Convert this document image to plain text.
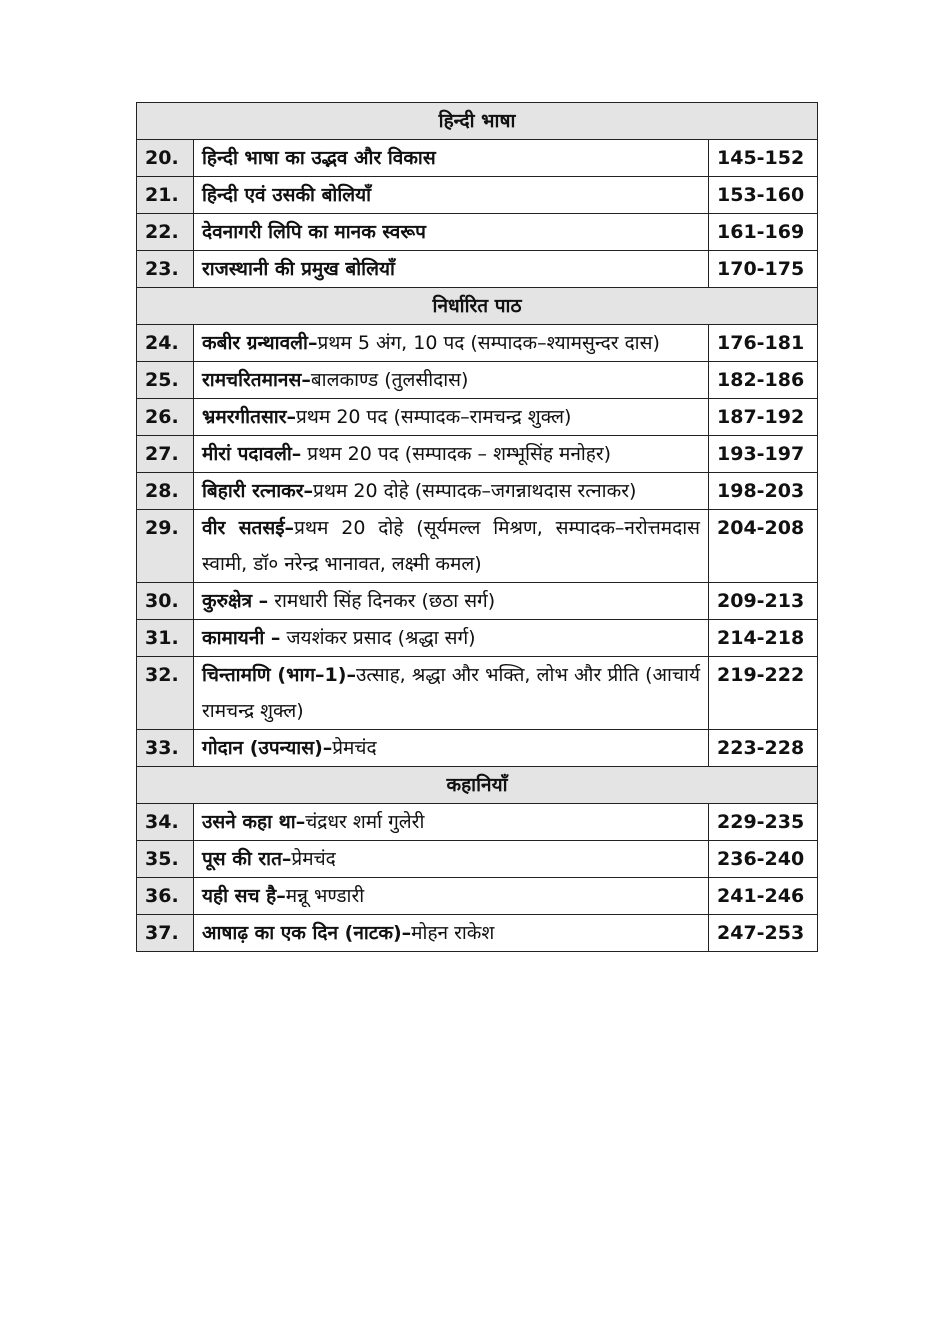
हिन्दी भाषा		
20.	हिन्दी भाषा का उद्भव और विकास	145-152
21.	हिन्दी एवं उसकी बोलियाँ	153-160
22.	देवनागरी लिपि का मानक स्वरूप	161-169
23.	राजस्थानी की प्रमुख बोलियाँ	170-175
निर्धारित पाठ		
24.	कबीर ग्रन्थावली–प्रथम 5 अंग, 10 पद (सम्पादक–श्यामसुन्दर दास)	176-181
25.	रामचरितमानस–बालकाण्ड (तुलसीदास)	182-186
26.	भ्रमरगीतसार–प्रथम 20 पद (सम्पादक–रामचन्द्र शुक्ल)	187-192
27.	मीरां पदावली– प्रथम 20 पद (सम्पादक – शम्भूसिंह मनोहर)	193-197
28.	बिहारी रत्नाकर–प्रथम 20 दोहे (सम्पादक–जगन्नाथदास रत्नाकर)	198-203
29.	वीर सतसई–प्रथम 20 दोहे (सूर्यमल्ल मिश्रण, सम्पादक–नरोत्तमदास स्वामी, डॉ० नरेन्द्र भानावत, लक्ष्मी कमल)	204-208
30.	कुरुक्षेत्र – रामधारी सिंह दिनकर (छठा सर्ग)	209-213
31.	कामायनी – जयशंकर प्रसाद (श्रद्धा सर्ग)	214-218
32.	चिन्तामणि (भाग–1)–उत्साह, श्रद्धा और भक्ति, लोभ और प्रीति (आचार्य रामचन्द्र शुक्ल)	219-222
33.	गोदान (उपन्यास)–प्रेमचंद	223-228
कहानियाँ		
34.	उसने कहा था–चंद्रधर शर्मा गुलेरी	229-235
35.	पूस की रात–प्रेमचंद	236-240
36.	यही सच है–मन्नू भण्डारी	241-246
37.	आषाढ़ का एक दिन (नाटक)–मोहन राकेश	247-253
